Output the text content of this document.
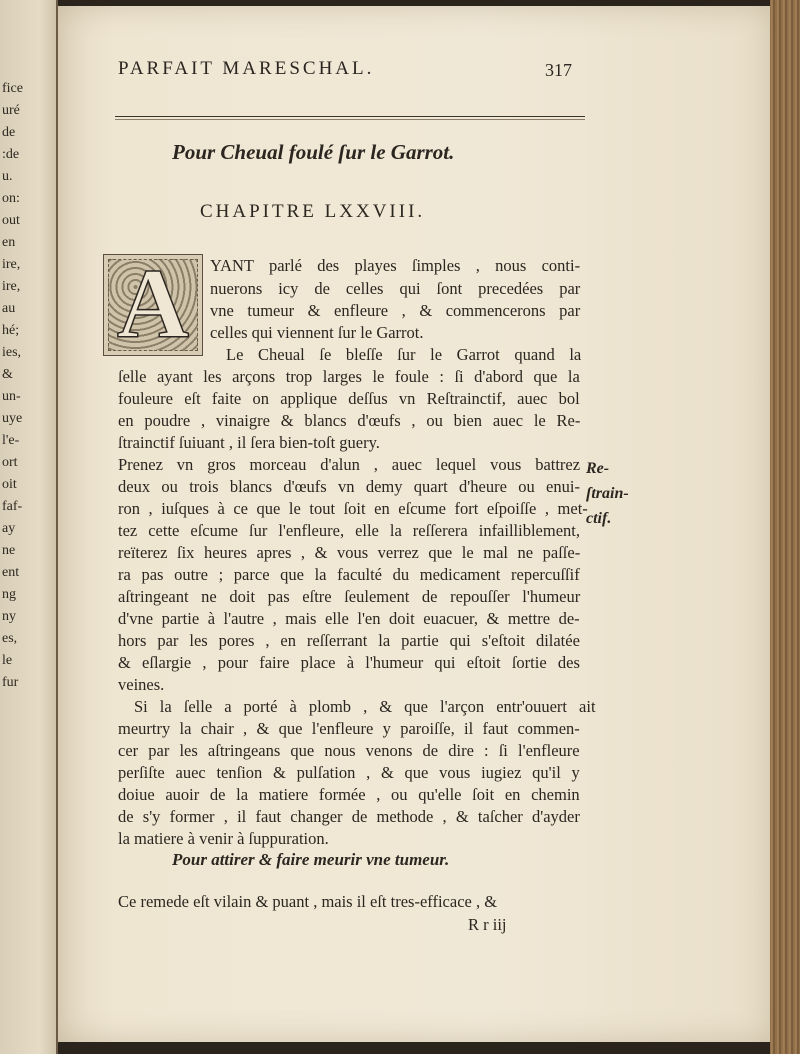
fice
uré
de
:de
u.
on:
out
en
ire,
ire,
au
hé;
ies,
&
un-
uye
l'e-
ort
oit
faf-
ay
ne
ent
ng
ny
es,
le
fur
PARFAIT MARESCHAL.	317
Pour Cheual foulé ſur le Garrot.
CHAPITRE LXXVIII.
A	YANT parlé des playes ſimples , nous conti-
nuerons icy de celles qui ſont precedées par
vne tumeur & enfleure , & commencerons par
celles qui viennent ſur le Garrot.
Le Cheual ſe bleſſe ſur le Garrot quand la
ſelle ayant les arçons trop larges le foule : ſi d'abord que la
fouleure eſt faite on applique deſſus vn Reſtrainctif, auec bol
en poudre , vinaigre & blancs d'œufs , ou bien auec le Re-
ſtrainctif ſuiuant , il ſera bien-toſt guery.
Prenez vn gros morceau d'alun , auec lequel vous battrez
deux ou trois blancs d'œufs vn demy quart d'heure ou enui-
ron , iuſques à ce que le tout ſoit en eſcume fort eſpoiſſe , met-
tez cette eſcume ſur l'enfleure, elle la reſſerera infailliblement,
reïterez ſix heures apres , & vous verrez que le mal ne paſſe-
ra pas outre ; parce que la faculté du medicament repercuſſif
aſtringeant ne doit pas eſtre ſeulement de repouſſer l'humeur
d'vne partie à l'autre , mais elle l'en doit euacuer, & mettre de-
hors par les pores , en reſſerrant la partie qui s'eſtoit dilatée
& eſlargie , pour faire place à l'humeur qui eſtoit ſortie des
veines.
Si la ſelle a porté à plomb , & que l'arçon entr'ouuert ait
meurtry la chair , & que l'enfleure y paroiſſe, il faut commen-
cer par les aſtringeans que nous venons de dire : ſi l'enfleure
perſiſte auec tenſion & pulſation , & que vous iugiez qu'il y
doiue auoir de la matiere formée , ou qu'elle ſoit en chemin
de s'y former , il faut changer de methode , & taſcher d'ayder
la matiere à venir à ſuppuration.
Re-
ſtrain-
ctif.
Pour attirer & faire meurir vne tumeur.
Ce remede eſt vilain & puant , mais il eſt tres-efficace , &
R r iij
